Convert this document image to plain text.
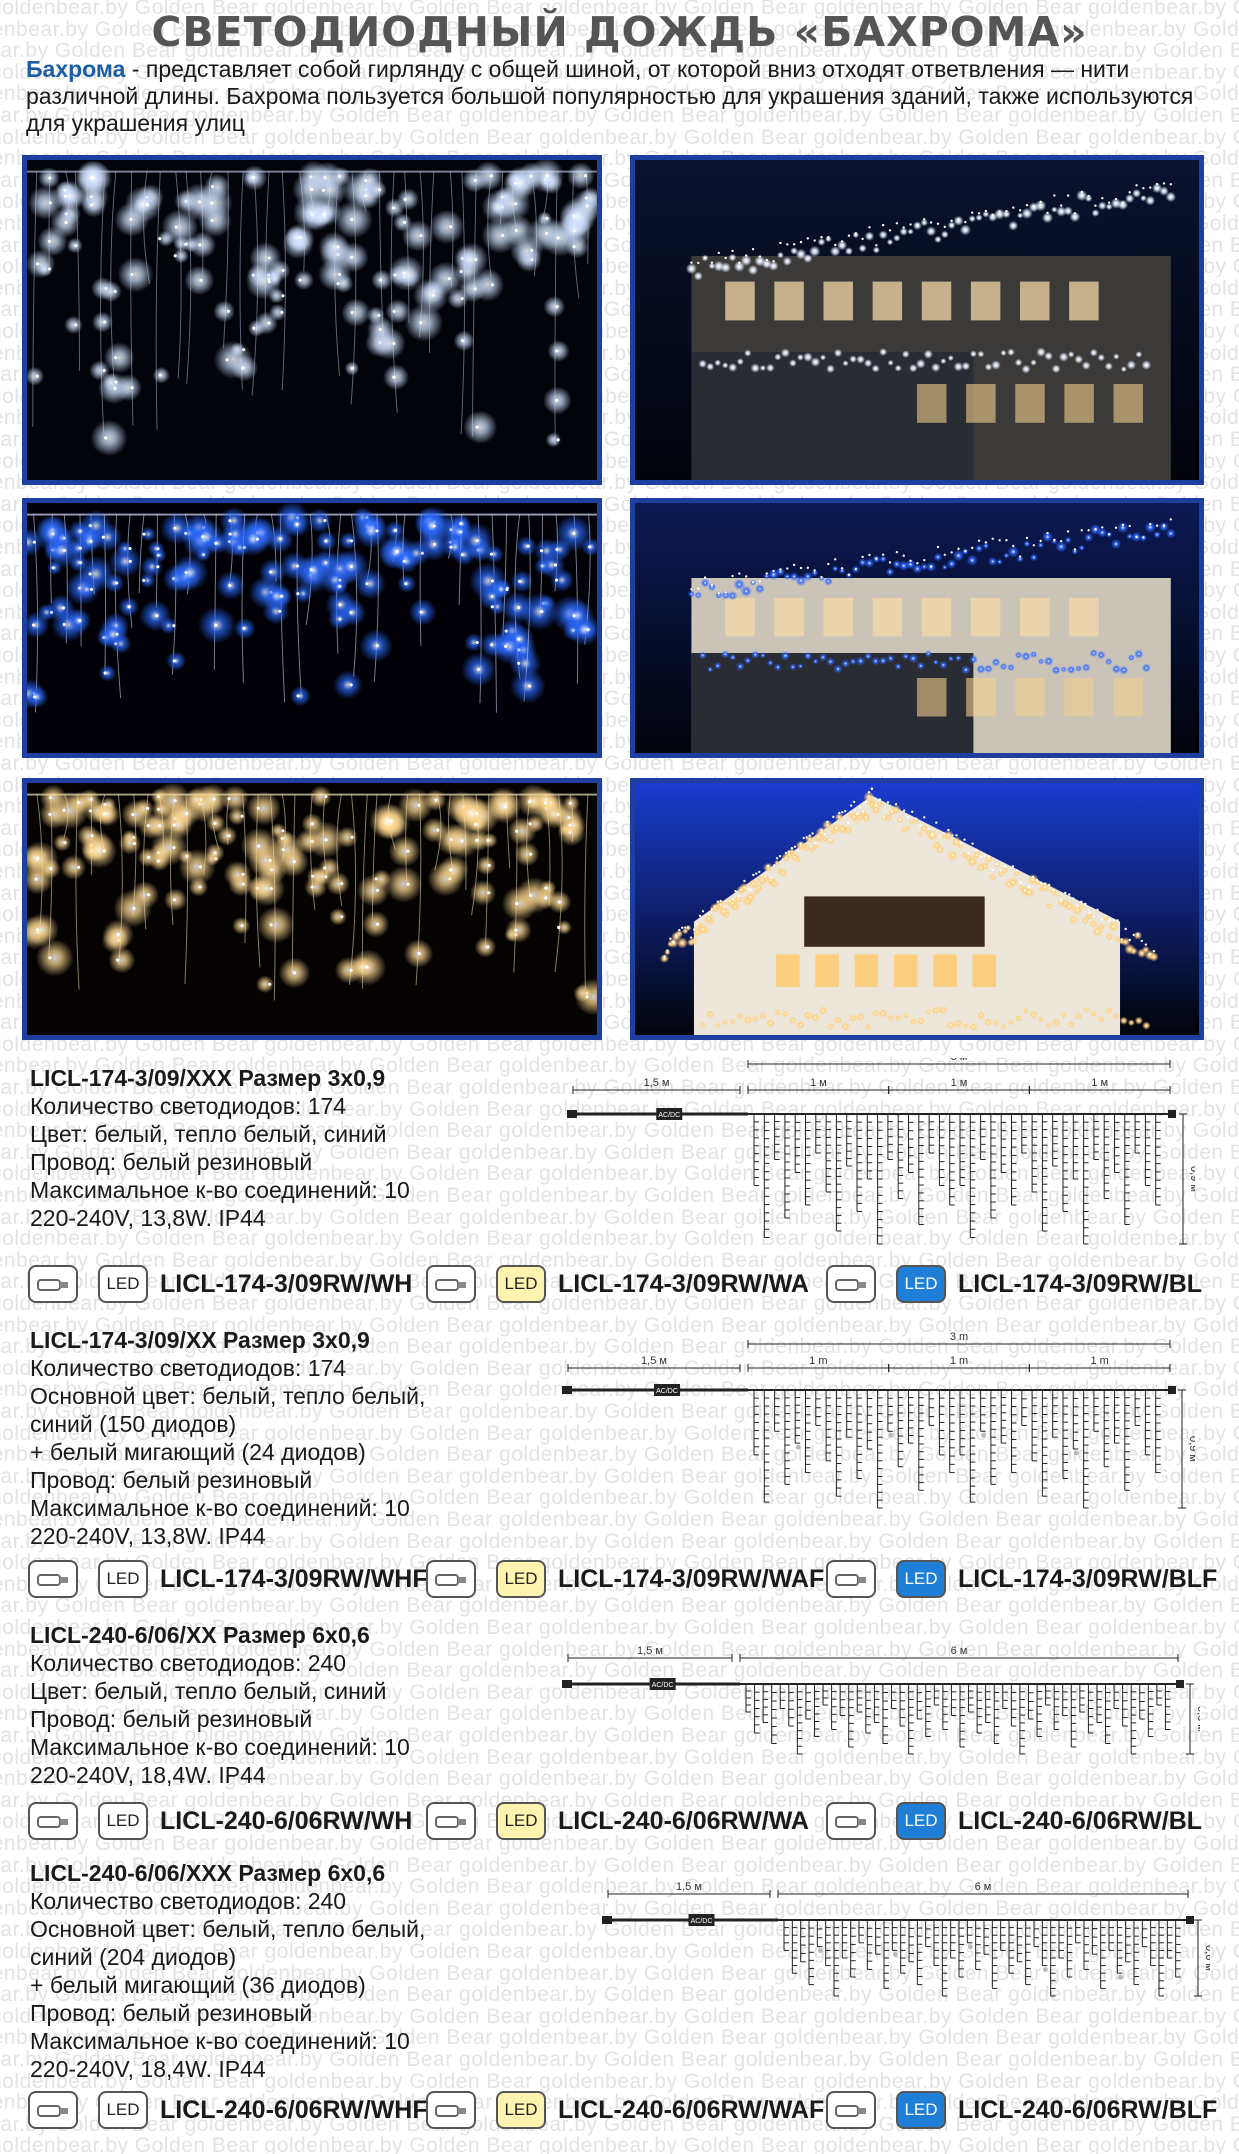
goldenbear.by Golden Bear goldenbear.by Golden Bear goldenbear.by Golden Bear goldenbear.by Golden Bear goldenbear.by
nbear.by Golden Bear goldenbear.by Golden Bear goldenbear.by Golden Bear goldenbear.by Golden Bear goldenbear.by Gold
ar.by Golden Bear goldenbear.by Golden Bear goldenbear.by Golden Bear goldenbear.by Golden Bear goldenbear.by Golden B
goldenbear.by Golden Bear goldenbear.by Golden Bear goldenbear.by Golden Bear goldenbear.by Golden Bear goldenbear.by
nbear.by Golden Bear goldenbear.by Golden Bear goldenbear.by Golden Bear goldenbear.by Golden Bear goldenbear.by Gold
ar.by Golden Bear goldenbear.by Golden Bear goldenbear.by Golden Bear goldenbear.by Golden Bear goldenbear.by Golden B
goldenbear.by Golden Bear goldenbear.by Golden Bear goldenbear.by Golden Bear goldenbear.by Golden Bear goldenbear.by
Gold
B
goldenbear.by
Gold
B
goldenbear.by
Gold
B
goldenbear.by
Gold
B
goldenbear.by
Gold
B
goldenbear.by
Gold
B
goldenbear.by
Gold
B
goldenbear.by
Gold
B
goldenbear.by
Gold
B
goldenbear.by
Gold
ar.by Golden Bear goldenbear.by Golden Bear goldenbear.by Golden Bear goldenbear.by Golden Bear goldenbear.by Golden B
goldenbear.by
Gold
B
goldenbear.by
Gold
B
goldenbear.by
Gold
B
goldenbear.by
Gold
B
goldenbear.by Golden Bear goldenbear.by Golden Bear goldenbear.by Golden Bear goldenbear.by Golden Bear goldenbear.by
nbear.by Golden Bear goldenbear.by Golden Bear goldenbear.by Golden Bear goldenbear.by Golden Bear goldenbear.by Gold
ar.by Golden Bear goldenbear.by Golden Bear goldenbear.by Golden Bear goldenbear.by Golden Bear goldenbear.by Golden B
goldenbear.by Golden Bear goldenbear.by Golden Bear goldenbear.by Golden Bear goldenbear.by Golden Bear goldenbear.by
nbear.by Golden Bear goldenbear.by Golden Bear goldenbear.by Golden Bear goldenbear.by Golden Bear goldenbear.by Gold
ar.by Golden Bear goldenbear.by Golden Bear goldenbear.by Golden Bear goldenbear.by Golden Bear goldenbear.by Golden B
goldenbear.by Golden Bear goldenbear.by Golden Bear goldenbear.by Golden Bear goldenbear.by Golden Bear goldenbear.by
nbear.by Golden Bear goldenbear.by Golden Bear goldenbear.by Golden Bear goldenbear.by Golden Bear goldenbear.by Gold
ar.by Golden Bear goldenbear.by Golden Bear goldenbear.by Golden Bear goldenbear.by Golden Bear goldenbear.by Golden B
goldenbear.by Golden Bear goldenbear.by Golden Bear goldenbear.by Golden Bear goldenbear.by Golden Bear goldenbear.by
nbear.by Golden Bear goldenbear.by Golden Bear goldenbear.by Golden Bear goldenbear.by Golden Bear goldenbear.by Gold
ar. Golden Bear goldenbear.by Golden Golden Bear goldenbear.by Bear goldenbear.by Golden B
goldenbear.by Golden Bear goldenbear.by Golden Bear goldenbear.by Golden Bear goldenbear.by Golden Bear goldenbear.by
nbear.by Golden Bear goldenbear.by Golden Bear goldenbear.by Golden Bear goldenbear.by Golden Bear goldenbear.by Gold
ar.by Golden Bear goldenbear.by Golden Bear goldenbear.by Golden Bear goldenbear.by Golden Bear goldenbear.by Golden B
goldenbear.by Golden Bear goldenbear.by Golden Bear goldenbear.by Golden Bear goldenbear.by Golden Bear goldenbear.by
nbear.by Golden Bear goldenbear.by Golden Bear Bear goldenbear.by Golden Bear goldenbear.by Gold
ar.by Golden Bear goldenbear.by Golden Bear goldenbear.by Golden Bear goldenbear.by Golden Bear goldenbear.by Golden B
goldenbear.by Golden Bear goldenbear.by Golden Bear goldenbear.by Golden Bear goldenbear.by Golden Bear goldenbear.by
nbear.by Golden Bear goldenbear.by Golden Bear goldenbear.by Golden Bear goldenbear.by Golden Bear goldenbear.by Gold
ar.by Golden Bear goldenbear.by Golden Bear goldenbear.by Golden Bear goldenbear.by Golden Bear goldenbear.by Golden B
goldenbear.by Golden Bear goldenbear.by Golden Bear goldenbear.by Golden Bear goldenbear.by Golden Bear goldenbear.by
nbear.by Golden Bear goldenbear.by Golden Bear goldenbear.by Golden Bear goldenbear.by Golden Bear goldenbear.by Gold
ar.by Golden Bear goldenbear.by Golden Bear goldenbear.by Golden Bear goldenbear.by Golden Bear goldenbear.by Golden B
Golden Bear goldenbear.by goldenbear.by Golden Bear goldenbear.by Golden Bear goldenbear.by
Bear goldenbear.by Golden goldenbear.by Golden Bear Golden Bear goldenbear.by Gold
ar.by Golden Bear goldenbear.by Golden Bear goldenbear.by Golden Bear goldenbear.by Golden Bear goldenbear.by Golden B
goldenbear.by Golden Bear goldenbear.by Golden Bear goldenbear.by Golden Bear goldenbear.by Golden Bear goldenbear.by
nbear.by Golden Bear goldenbear.by Golden Bear goldenbear.by Golden Bear goldenbear.by Golden Bear goldenbear.by Gold
ar.by Golden Bear goldenbear.by Golden Bear goldenbear.by Golden Bear goldenbear.by Golden Bear goldenbear.by Golden B
goldenbear.by Golden Bear goldenbear.by Golden Bear goldenbear.by Golden Bear Golden Bear goldenbear.by
nbear.by Golden Bear goldenbear.by Golden Bear goldenbear.by Golden Bear goldenbear.by Golden Bear goldenbear.by Gold
ar.by Golden Bear goldenbear.by Golden Bear goldenbear.by Golden Bear goldenbear.by Golden Bear goldenbear.by Golden B
goldenbear.by Golden Bear goldenbear.by Golden Bear goldenbear.by Golden Bear goldenbear.by Golden Bear goldenbear.by
nbear.by Golden Bear goldenbear.by Golden Bear goldenbear.by Golden Bear goldenbear.by Golden Bear goldenbear.by Gold
ar.by Golden Bear goldenbear.by Golden Bear goldenbear.by Golden Bear goldenbear.by Golden Bear goldenbear.by Golden B
Golden Bear goldenbear.by goldenbear.by Golden Bear goldenbear.by Golden Bear goldenbear.by
nbear.by Golden Bear goldenbear.by Golden Bear goldenbear.by Golden Bear goldenbear.by Golden Bear goldenbear.by Gold
ar.by Golden Bear goldenbear.by Golden Bear goldenbear.by Golden Bear goldenbear.by Golden Bear goldenbear.by Golden B
goldenbear.by Golden Bear goldenbear.by Golden Bear goldenbear.by Golden Bear goldenbear.by Golden Bear goldenbear.by
nbear.by Golden Bear goldenbear.by Golden Bear goldenbear.by Golden Bear goldenbear.by Golden Bear goldenbear.by Gold
ar.by Golden Bear goldenbear.by Golden Bear goldenbear.by Golden Bear goldenbear.by Golden Bear goldenbear.by Golden B
goldenbear.by Golden Bear goldenbear.by Golden Bear goldenbear.by Golden Bear goldenbear.by Golden Bear goldenbear.by
nbear.by Golden Bear goldenbear.by Golden Bear goldenbear.by Golden Bear goldenbear.by Golden Bear Gold
ar.by Golden Bear goldenbear.by Golden Bear goldenbear.by Golden Bear goldenbear.by Golden Bear goldenbear.by Golden B
goldenbear.by Golden Bear goldenbear.by Golden Bear goldenbear.by Golden Bear goldenbear.by Golden Bear goldenbear.by
nbear.by Golden Bear goldenbear.by Golden Bear goldenbear.by Golden Bear goldenbear.by Golden Bear goldenbear.by Gold
ar.by Golden Bear goldenbear.by Golden Bear goldenbear.by Golden Bear goldenbear.by Golden Bear goldenbear.by Golden B
goldenbear.by Golden Bear goldenbear.by Golden Bear goldenbear.by Golden Bear goldenbear.by Golden Bear goldenbear.by
Bear goldenbear.by Golden goldenbear.by Golden Bear Golden Bear goldenbear.by Gold
ar. Golden Bear goldenbear.by Golden Golden Bear goldenbear.by Bear goldenbear.by Golden B
goldenbear.by Golden Bear goldenbear.by Golden Bear goldenbear.by Golden Bear goldenbear.by Golden Bear goldenbear.by
СВЕТОДИОДНЫЙ ДОЖДЬ «БАХРОМА»
Бахрома - представляет собой гирлянду с общей шиной, от которой вниз отходят ответвления — нити различной длины. Бахрома пользуется большой популярностью для украшения зданий, также используются для украшения улиц
LICL-174-3/09/XXX Размер 3х0,9
Количество светодиодов: 174
Цвет: белый, тепло белый, синий
Провод: белый резиновый
Максимальное к-во соединений: 10
220-240V, 13,8W. IP44
1,5 м	1 м	1 м	1 м
AC/DC
0,9
LED LICL-174-3/09RW/WH	LED LICL-174-3/09RW/WA	LED LICL-174-3/09RW/BL
LICL-174-3/09/XX Размер 3х0,9
Количество светодиодов: 174
Основной цвет: белый, тепло белый,
синий (150 диодов)
+ белый мигающий (24 диодов)
Провод: белый резиновый
Максимальное к-во соединений: 10
220-240V, 13,8W. IP44
3 m
1,5 м	1 m	1 m	1 m
AC/DC
0,9
LED LICL-174-3/09RW/WHF	LED LICL-174-3/09RW/WAF	LED LICL-174-3/09RW/BLF
LICL-240-6/06/XX Размер 6х0,6
Количество светодиодов: 240
Цвет: белый, тепло белый, синий
Провод: белый резиновый
Максимальное к-во соединений: 10
220-240V, 18,4W. IP44
1,5 м	6 м
AC/DC
0,6
LED LICL-240-6/06RW/WH	LED LICL-240-6/06RW/WA	LED LICL-240-6/06RW/BL
LICL-240-6/06/XXX Размер 6х0,6
Количество светодиодов: 240
Основной цвет: белый, тепло белый,
синий (204 диодов)
+ белый мигающий (36 диодов)
Провод: белый резиновый
Максимальное к-во соединений: 10
220-240V, 18,4W. IP44
1,5 м	6 м
AC/DC
0,6
LED LICL-240-6/06RW/WHF	LED LICL-240-6/06RW/WAF	LED LICL-240-6/06RW/BLF
